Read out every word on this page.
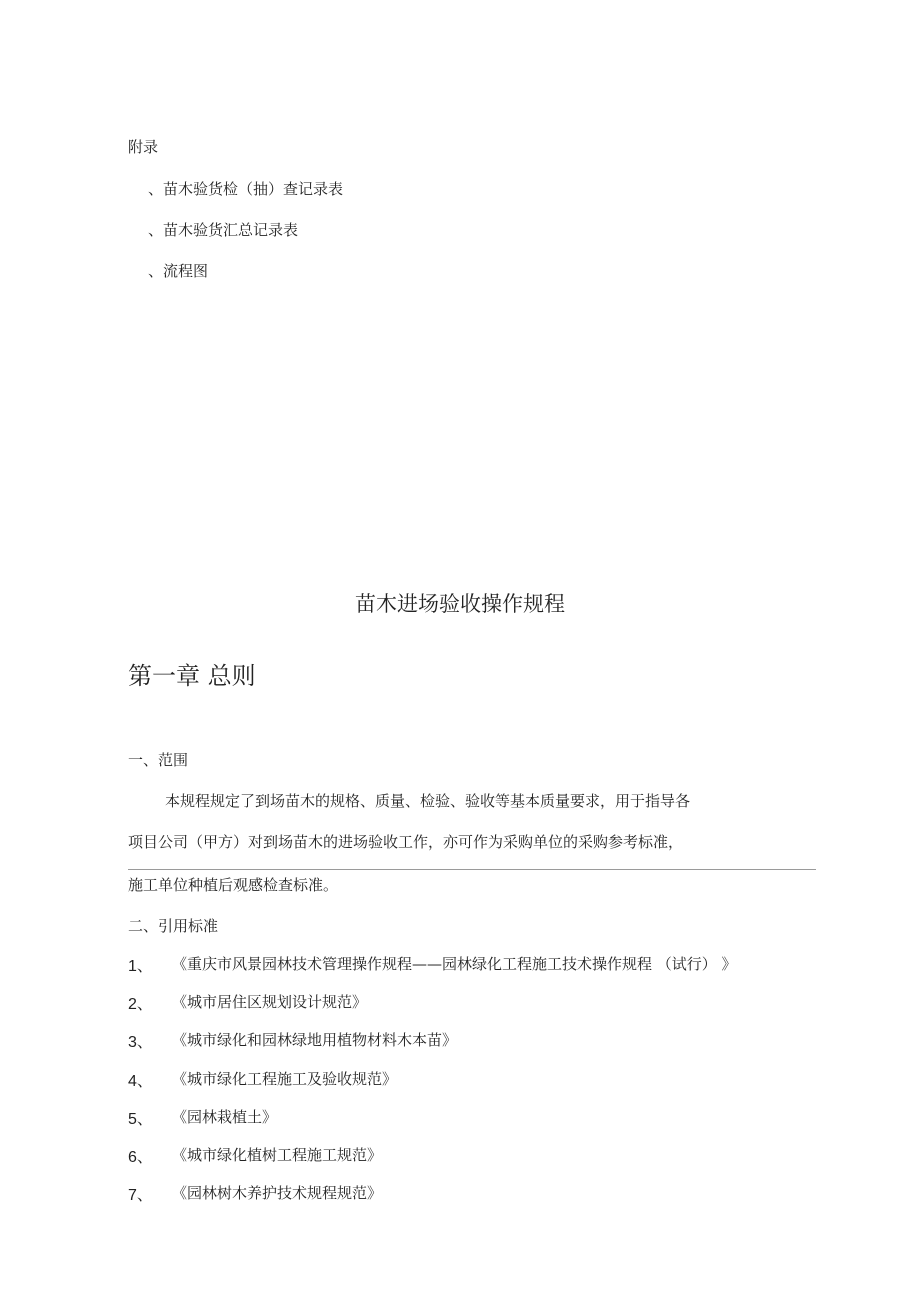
附录
、苗木验货检（抽）查记录表
、苗木验货汇总记录表
、流程图
苗木进场验收操作规程
第一章 总则
一、范围
本规程规定了到场苗木的规格、质量、检验、验收等基本质量要求，用于指导各
项目公司（甲方）对到场苗木的进场验收工作，亦可作为采购单位的采购参考标准，
施工单位种植后观感检查标准。
二、引用标准
1、 《重庆市风景园林技术管理操作规程——园林绿化工程施工技术操作规程 （试行） 》
2、 《城市居住区规划设计规范》
3、 《城市绿化和园林绿地用植物材料木本苗》
4、 《城市绿化工程施工及验收规范》
5、 《园林栽植土》
6、 《城市绿化植树工程施工规范》
7、 《园林树木养护技术规程规范》
